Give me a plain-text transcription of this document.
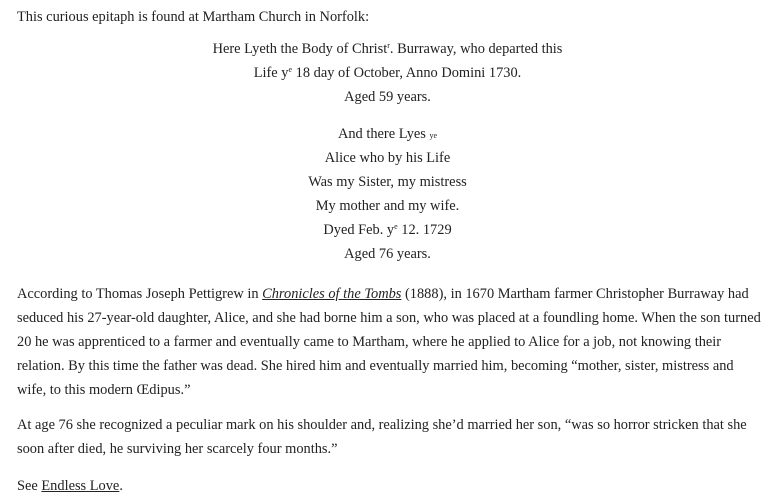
This curious epitaph is found at Martham Church in Norfolk:

Here Lyeth the Body of Christ$^r$. Burraway, who departed this
Life $y^e$ 18 day of October, Anno Domini 1730.
Aged 59 years.
And there Lyes ye
Alice who by his Life
Was my Sister, my mistress
My mother and my wife.
Dyed Feb. $y^e$ 12. 1729
Aged 76 years.
According to Thomas Joseph Pettigrew in Chronicles of the Tombs (1888), in 1670 Martham farmer Christopher Burraway had
seduced his 27-year-old daughter, Alice, and she had borne him a son, who was placed at a foundling home. When the son turned
20 he was apprenticed to a farmer and eventually came to Martham, where he applied to Alice for a job, not knowing their
relation. By this time the father was dead. She hired him and eventually married him, becoming “mother, sister, mistress and
wife, to this modern Œdipus.”
At age 76 she recognized a peculiar mark on his shoulder and, realizing she’d married her son, “was so horror stricken that she
soon after died, he surviving her scarcely four months.”
See Endless Love.
